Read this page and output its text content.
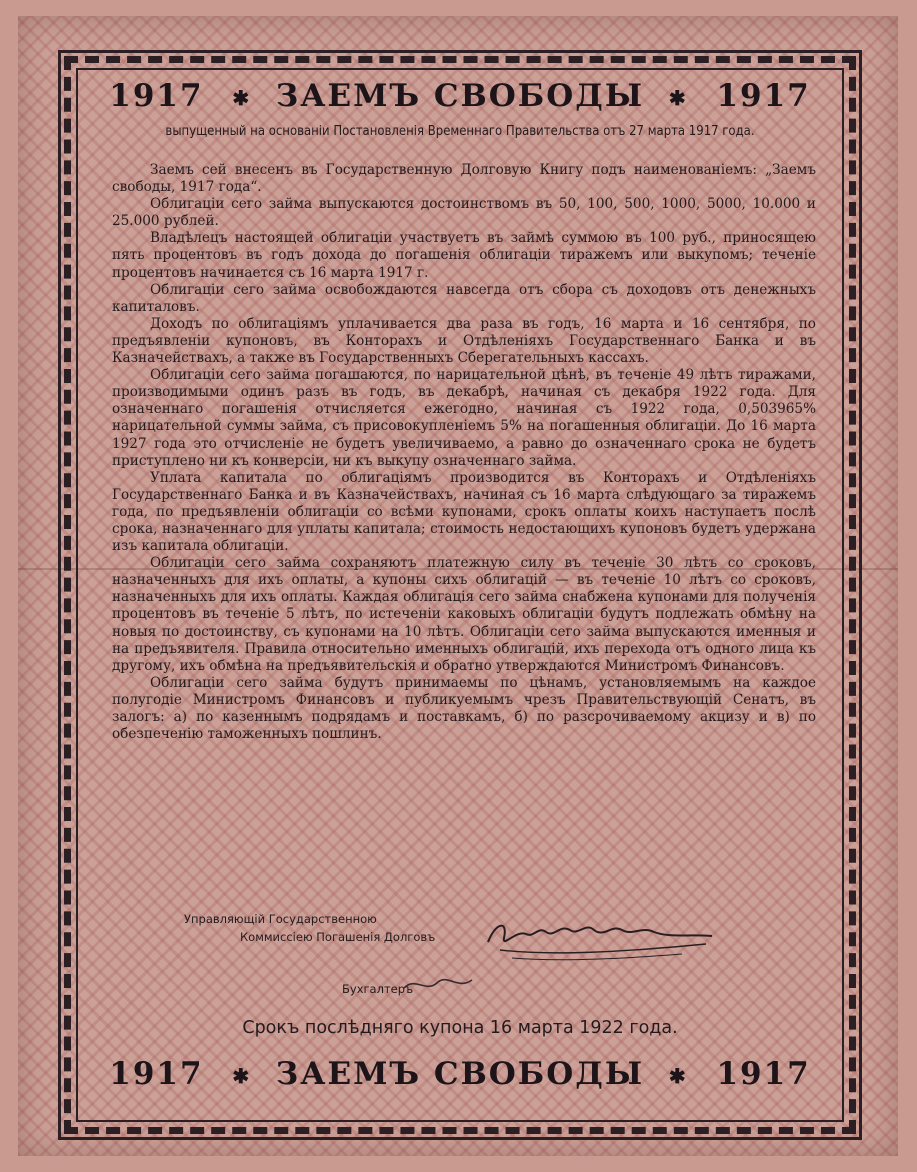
1917 ✱ ЗАЕМЪ СВОБОДЫ ✱ 1917
выпущенный на основанiи Постановленiя Временнаго Правительства отъ 27 марта 1917 года.

Заемъ сей внесенъ въ Государственную Долговую Книгу подъ наименованiемъ: „Заемъ свободы, 1917 года“.

Облигацiи сего займа выпускаются достоинствомъ въ 50, 100, 500, 1000, 5000, 10.000 и 25.000 рублей.

Владѣлецъ настоящей облигацiи участвуетъ въ займѣ суммою въ 100 руб., приносящею пять процентовъ въ годъ дохода до погашенiя облигацiи тиражемъ или выкупомъ; теченiе процентовъ начинается съ 16 марта 1917 г.

Облигацiи сего займа освобождаются навсегда отъ сбора съ доходовъ отъ денежныхъ капиталовъ.

Доходъ по облигацiямъ уплачивается два раза въ годъ, 16 марта и 16 сентября, по предъявленiи купоновъ, въ Конторахъ и Отдѣленiяхъ Государственнаго Банка и въ Казначействахъ, а также въ Государственныхъ Сберегательныхъ кассахъ.

Облигацiи сего займа погашаются, по нарицательной цѣнѣ, въ теченiе 49 лѣтъ тиражами, производимыми одинъ разъ въ годъ, въ декабрѣ, начиная съ декабря 1922 года. Для означеннаго погашенiя отчисляется ежегодно, начиная съ 1922 года, 0,503965% нарицательной суммы займа, съ присовокупленiемъ 5% на погашенныя облигацiи. До 16 марта 1927 года это отчисленiе не будетъ увеличиваемо, а равно до означеннаго срока не будетъ приступлено ни къ конверсiи, ни къ выкупу означеннаго займа.

Уплата капитала по облигацiямъ производится въ Конторахъ и Отдѣленiяхъ Государственнаго Банка и въ Казначействахъ, начиная съ 16 марта слѣдующаго за тиражемъ года, по предъявленiи облигацiи со всѣми купонами, срокъ оплаты коихъ наступаетъ послѣ срока, назначеннаго для уплаты капитала; стоимость недостающихъ купоновъ будетъ удержана изъ капитала облигацiи.

Облигацiи сего займа сохраняютъ платежную силу въ теченiе 30 лѣтъ со сроковъ, назначенныхъ для ихъ оплаты, а купоны сихъ облигацiй — въ теченiе 10 лѣтъ со сроковъ, назначенныхъ для ихъ оплаты. Каждая облигацiя сего займа снабжена купонами для полученiя процентовъ въ теченiе 5 лѣтъ, по истеченiи каковыхъ облигацiи будутъ подлежать обмѣну на новыя по достоинству, съ купонами на 10 лѣтъ. Облигацiи сего займа выпускаются именныя и на предъявителя. Правила относительно именныхъ облигацiй, ихъ перехода отъ одного лица къ другому, ихъ обмѣна на предъявительскiя и обратно утверждаются Министромъ Финансовъ.

Облигацiи сего займа будутъ принимаемы по цѣнамъ, установляемымъ на каждое полугодiе Министромъ Финансовъ и публикуемымъ чрезъ Правительствующiй Сенатъ, въ залогъ: а) по казеннымъ подрядамъ и поставкамъ, б) по разсрочиваемому акцизу и в) по обезпеченiю таможенныхъ пошлинъ.

Управляющiй Государственною
Коммиссiею Погашенiя Долговъ
Бухгалтеръ
Срокъ послѣдняго купона 16 марта 1922 года.
1917 ✱ ЗАЕМЪ СВОБОДЫ ✱ 1917
